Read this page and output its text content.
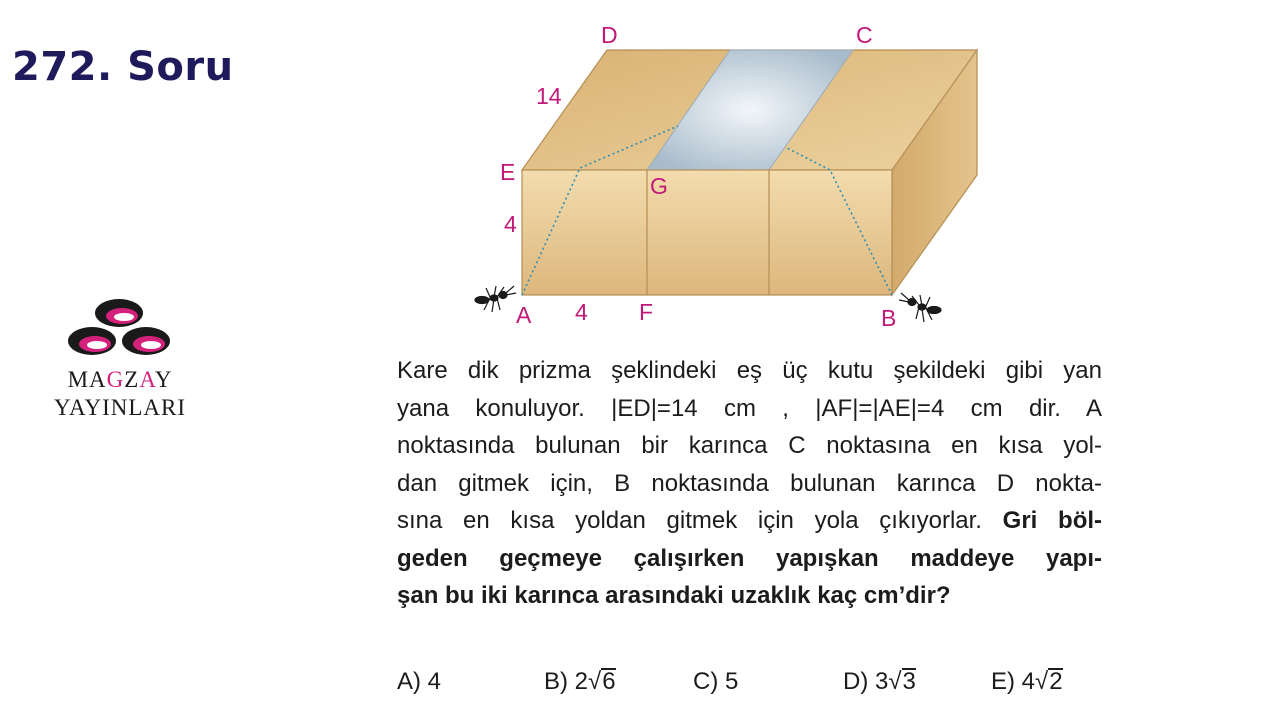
272. Soru
MAGZAY
YAYINLARI
D	C
14
E
G
4
A 4 F	B
Kare dik prizma şeklindeki eş üç kutu şekildeki gibi yan
yana konuluyor. |ED|=14 cm , |AF|=|AE|=4 cm dir. A
noktasında bulunan bir karınca C noktasına en kısa yol-
dan gitmek için, B noktasında bulunan karınca D nokta-
sına en kısa yoldan gitmek için yola çıkıyorlar. Gri böl-
geden geçmeye çalışırken yapışkan maddeye yapı-
şan bu iki karınca arasındaki uzaklık kaç cm’dir?
A) 4	B) 2√6	C) 5	D) 3√3	E) 4√2
